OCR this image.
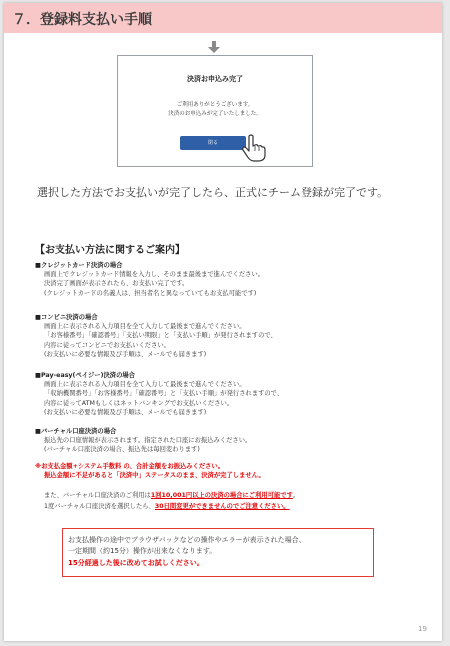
７．登録料支払い手順
決済お申込み完了
ご利用ありがとうございます。
決済のお申込みが完了いたしました。
閉る
選択した方法でお支払いが完了したら、正式にチーム登録が完了です。
【お支払い方法に関するご案内】
■クレジットカード決済の場合
画面上でクレジットカード情報を入力し、そのまま最後まで進んでください。
決済完了画面が表示されたら、お支払い完了です。
(クレジットカードの名義人は、担当者名と異なっていてもお支払可能です)
■コンビニ決済の場合
画面上に表示される入力項目を全て入力して最後まで進んでください。
「お客様番号」「確認番号」「支払い期限」と「支払い手順」が発行されますので、
内容に従ってコンビニでお支払いください。
(お支払いに必要な情報及び手順は、メールでも届きます)
■Pay-easy(ペイジー)決済の場合
画面上に表示される入力項目を全て入力して最後まで進んでください。
「収納機関番号」「お客様番号」「確認番号」と「支払い手順」が発行されますので、
内容に従ってATMもしくはネットバンキングでお支払いください。
(お支払いに必要な情報及び手順は、メールでも届きます)
■バーチャル口座決済の場合
振込先の口座情報が表示されます。指定された口座にお振込みください。
(バーチャル口座決済の場合、振込先は毎回変わります)
※お支払金額+システム手数料 の、合計金額をお振込みください。
振込金額に不足があると「決済中」ステータスのまま、決済が完了しません。
また、バーチャル口座決済のご利用は1回10,001円以上の決済の場合にご利用可能です。
1度バーチャル口座決済を選択したら、30日間変更ができませんのでご注意ください。
お支払操作の途中でブラウザバックなどの操作やエラーが表示された場合、
一定期間（約15分）操作が出来なくなります。
15分経過した後に改めてお試しください。
19
